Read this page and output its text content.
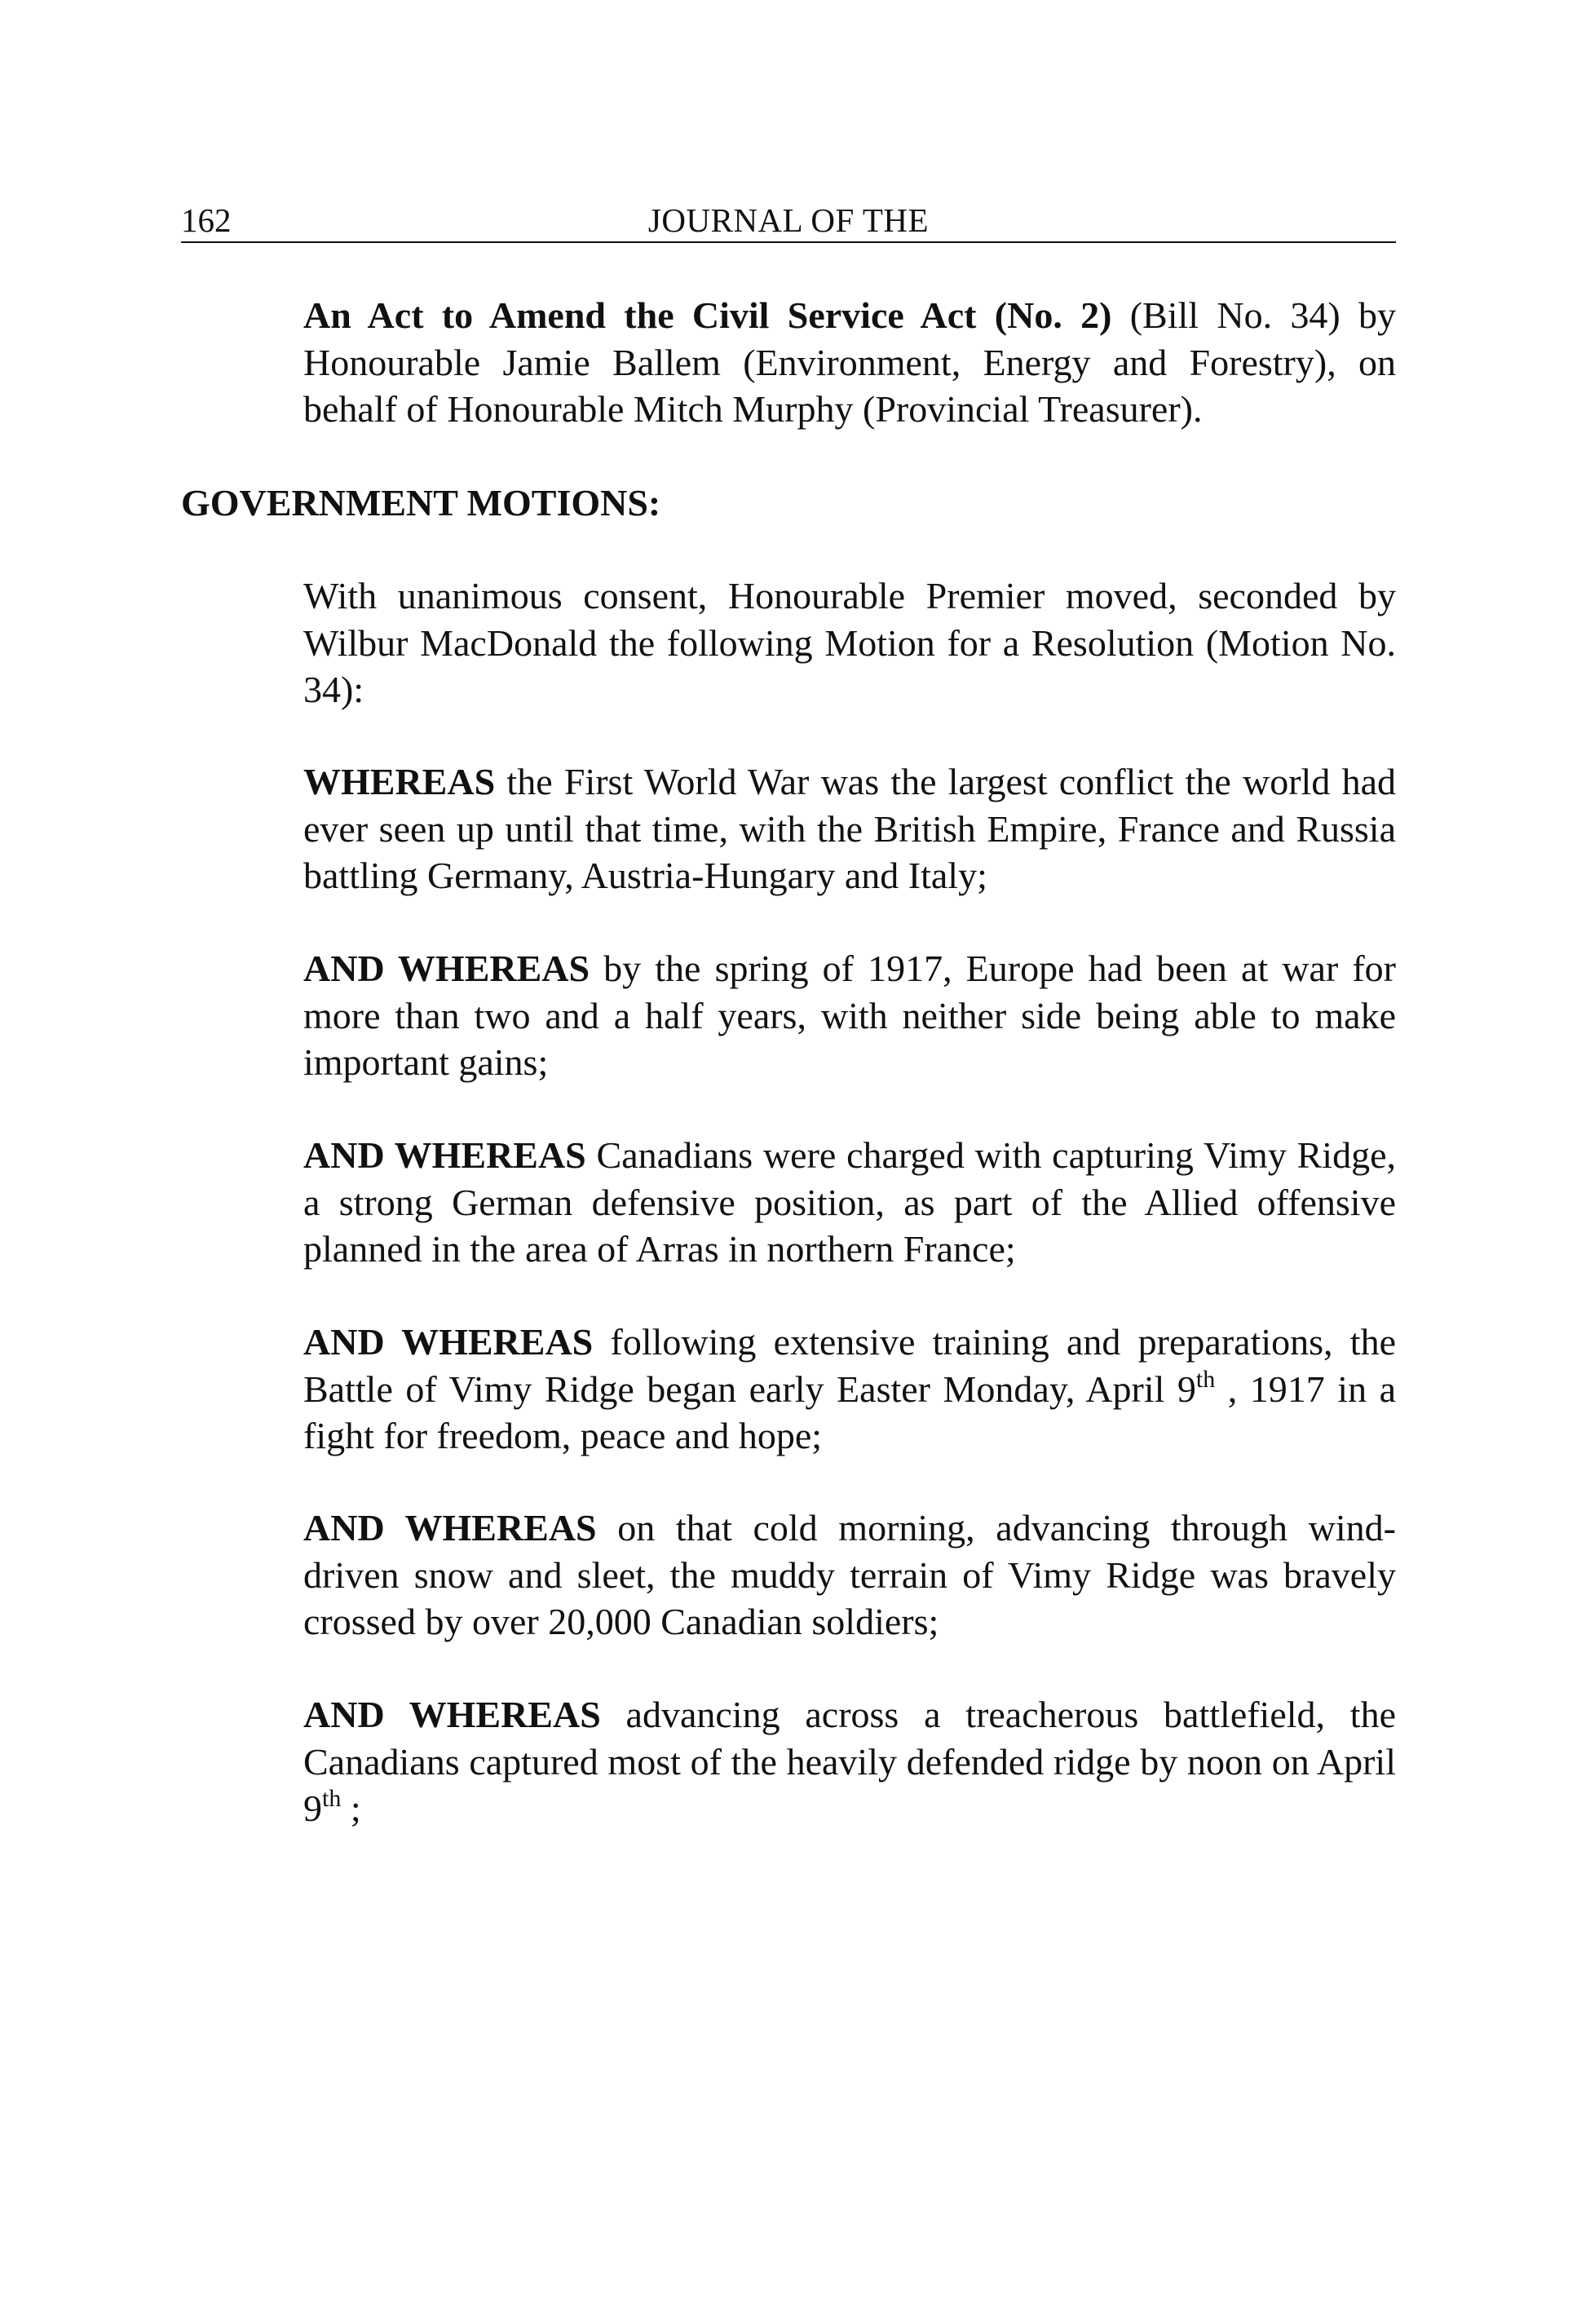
162	JOURNAL OF THE

An Act to Amend the Civil Service Act (No. 2) (Bill No. 34) by Honourable Jamie Ballem (Environment, Energy and Forestry), on behalf of Honourable Mitch Murphy (Provincial Treasurer).

GOVERNMENT MOTIONS:

With unanimous consent, Honourable Premier moved, seconded by Wilbur MacDonald the following Motion for a Resolution (Motion No. 34):

WHEREAS the First World War was the largest conflict the world had ever seen up until that time, with the British Empire, France and Russia battling Germany, Austria-Hungary and Italy;

AND WHEREAS by the spring of 1917, Europe had been at war for more than two and a half years, with neither side being able to make important gains;

AND WHEREAS Canadians were charged with capturing Vimy Ridge, a strong German defensive position, as part of the Allied offensive planned in the area of Arras in northern France;

AND WHEREAS following extensive training and preparations, the Battle of Vimy Ridge began early Easter Monday, April 9th , 1917 in a fight for freedom, peace and hope;

AND WHEREAS on that cold morning, advancing through wind-driven snow and sleet, the muddy terrain of Vimy Ridge was bravely crossed by over 20,000 Canadian soldiers;

AND WHEREAS advancing across a treacherous battlefield, the Canadians captured most of the heavily defended ridge by noon on April 9th ;
